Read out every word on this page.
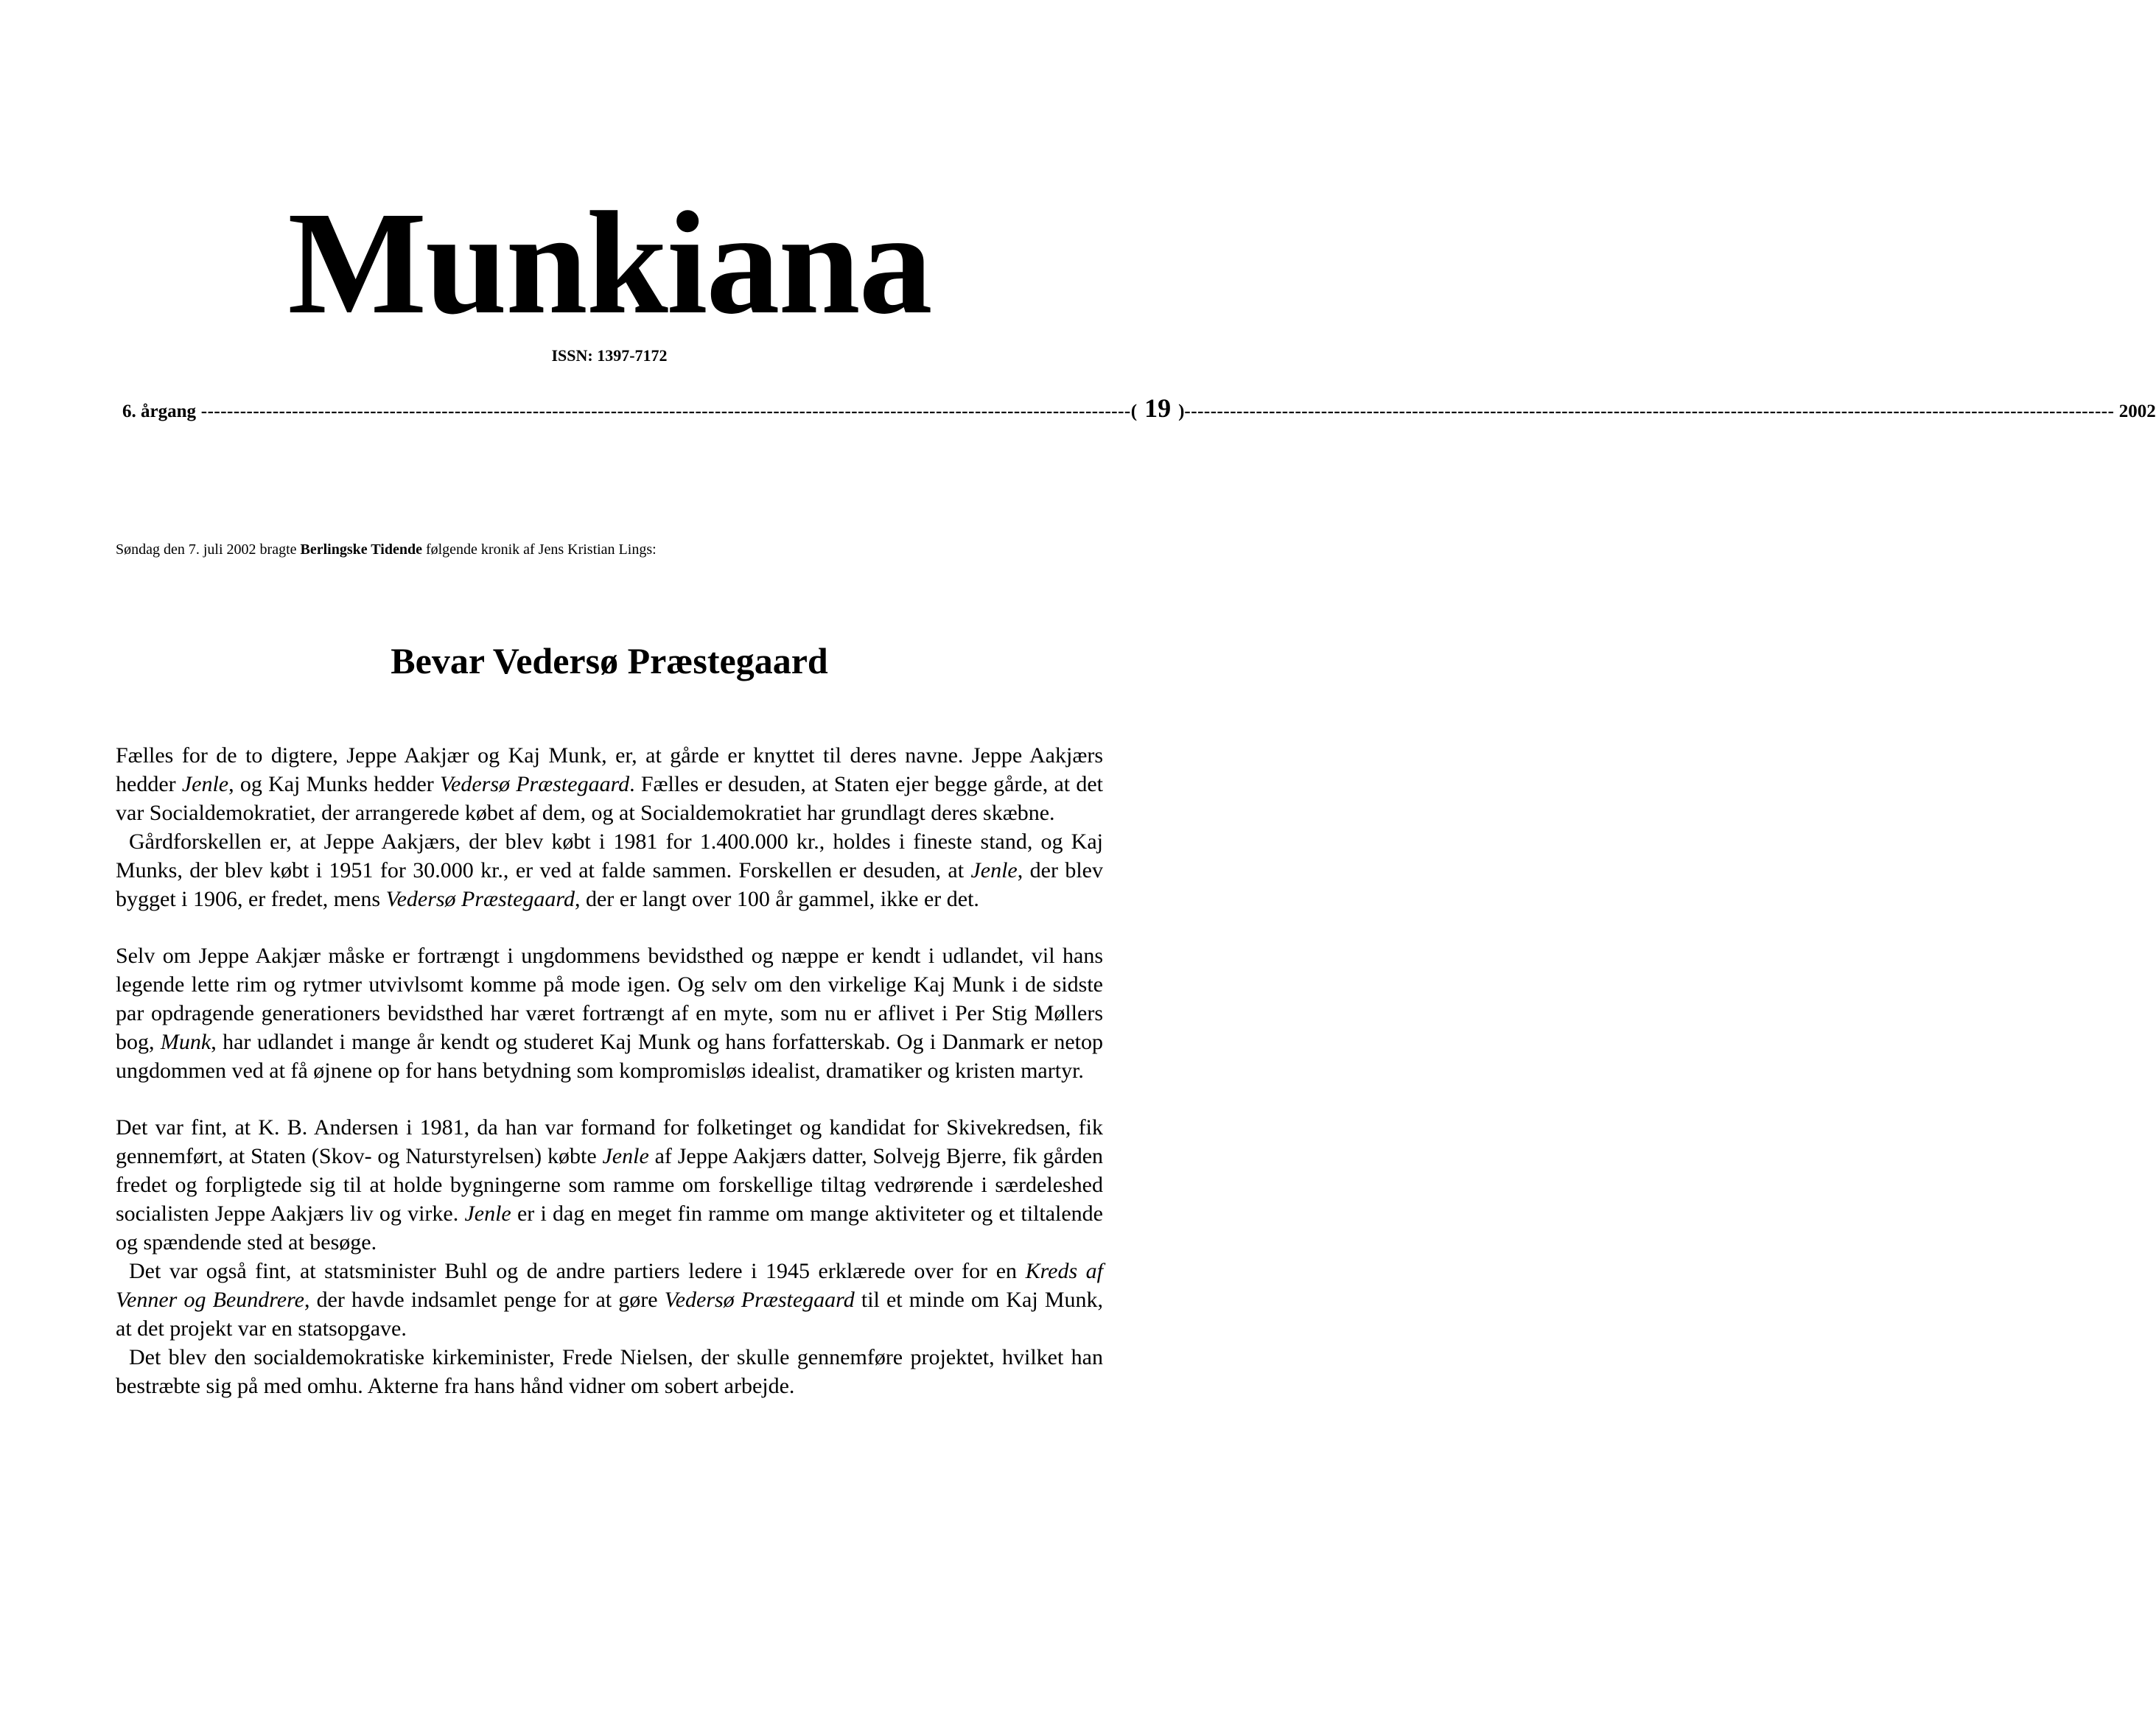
Munkiana
ISSN: 1397-7172
6. årgang ----------------------------------------------------------------------------------------------------------------------------------------------- ( 19 ) ----------------------------------------------------------------------------------------------------------------------------------------------- 2002
Søndag den 7. juli 2002 bragte Berlingske Tidende følgende kronik af Jens Kristian Lings:
Bevar Vedersø Præstegaard

Fælles for de to digtere, Jeppe Aakjær og Kaj Munk, er, at gårde er knyttet til deres navne. Jeppe Aakjærs hedder Jenle, og Kaj Munks hedder Vedersø Præstegaard. Fælles er desuden, at Staten ejer begge gårde, at det var Socialdemokratiet, der arrangerede købet af dem, og at Socialdemokratiet har grundlagt deres skæbne.

Gårdforskellen er, at Jeppe Aakjærs, der blev købt i 1981 for 1.400.000 kr., holdes i fineste stand, og Kaj Munks, der blev købt i 1951 for 30.000 kr., er ved at falde sammen. Forskellen er desuden, at Jenle, der blev bygget i 1906, er fredet, mens Vedersø Præstegaard, der er langt over 100 år gammel, ikke er det.

Selv om Jeppe Aakjær måske er fortrængt i ungdommens bevidsthed og næppe er kendt i udlandet, vil hans legende lette rim og rytmer utvivlsomt komme på mode igen. Og selv om den virkelige Kaj Munk i de sidste par opdragende generationers bevidsthed har været fortrængt af en myte, som nu er aflivet i Per Stig Møllers bog, Munk, har udlandet i mange år kendt og studeret Kaj Munk og hans forfatterskab. Og i Danmark er netop ungdommen ved at få øjnene op for hans betydning som kompromisløs idealist, dramatiker og kristen martyr.

Det var fint, at K. B. Andersen i 1981, da han var formand for folketinget og kandidat for Skivekredsen, fik gennemført, at Staten (Skov- og Naturstyrelsen) købte Jenle af Jeppe Aakjærs datter, Solvejg Bjerre, fik gården fredet og forpligtede sig til at holde bygningerne som ramme om forskellige tiltag vedrørende i særdeleshed socialisten Jeppe Aakjærs liv og virke. Jenle er i dag en meget fin ramme om mange aktiviteter og et tiltalende og spændende sted at besøge.

Det var også fint, at statsminister Buhl og de andre partiers ledere i 1945 erklærede over for en Kreds af Venner og Beundrere, der havde indsamlet penge for at gøre Vedersø Præstegaard til et minde om Kaj Munk, at det projekt var en statsopgave.

Det blev den socialdemokratiske kirkeminister, Frede Nielsen, der skulle gennemføre projektet, hvilket han bestræbte sig på med omhu. Akterne fra hans hånd vidner om sobert arbejde.
